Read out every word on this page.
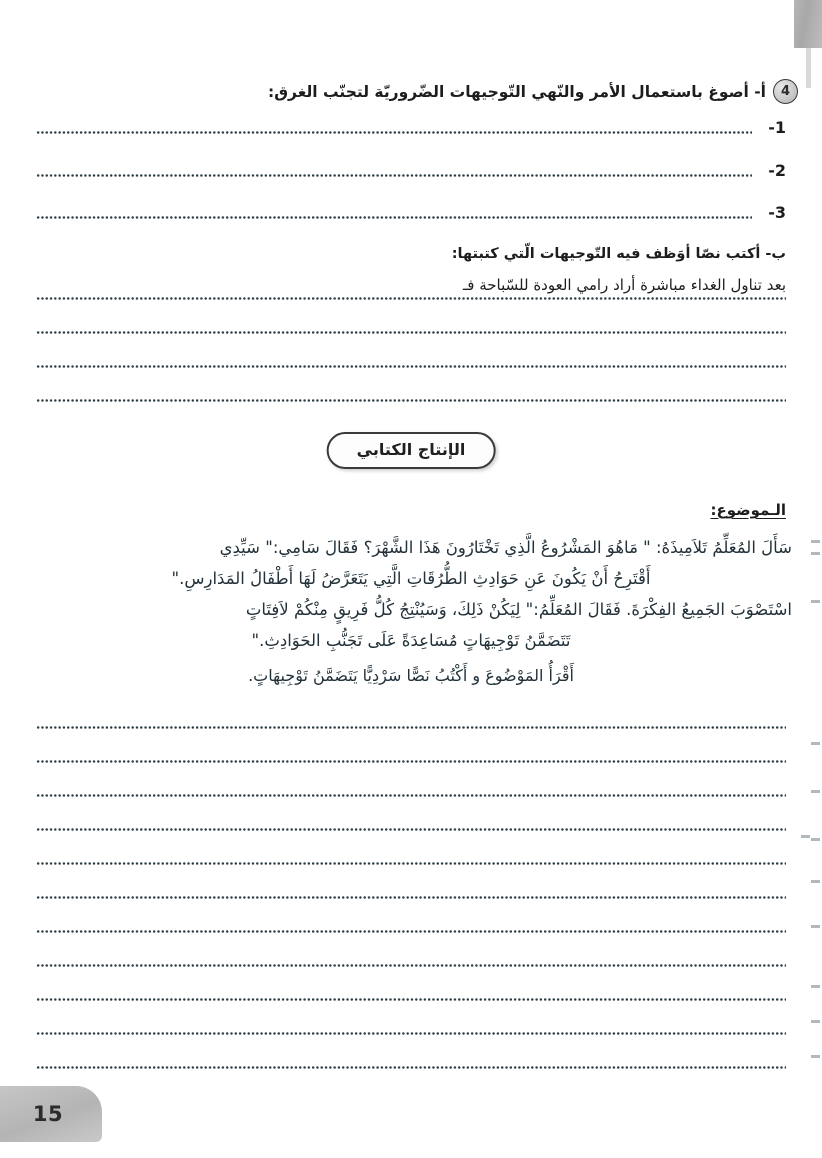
4
أ- أصوغ باستعمال الأمر والنّهي التّوجيهات الضّروريّة لتجنّب الغرق:
1-
2-
3-
ب- أكتب نصّا أوَظف فيه التّوجيهات الّتي كتبتها:
بعد تناول الغداء مباشرة أراد رامي العودة للسّباحة فـ
الإنتاج الكتابي
الـموضوع:
سَأَلَ المُعَلِّمُ تَلاَمِيذَهُ: " مَاهُوَ المَشْرُوعُ الَّذِي تَخْتَارُونَ هَذَا الشَّهْرَ؟ فَقَالَ سَامِي:" سَيِّدِي
أَقْتَرِحُ أَنْ يَكُونَ عَنِ حَوَادِثِ الطُّرُقَاتِ الَّتِي يَتَعَرَّضُ لَهَا أَطْفَالُ المَدَارِسِ."
اسْتَصْوَبَ الجَمِيعُ الفِكْرَةَ. فَقَالَ المُعَلِّمُ:" لِيَكُنْ ذَلِكَ، وَسَيُنْتِجُ كُلُّ فَرِيقٍ مِنْكُمْ لاَفِتَاتٍ
تَتَضَمَّنُ تَوْجِيهَاتٍ مُسَاعِدَةً عَلَى تَجَنُّبِ الحَوَادِثِ."
أَقْرَأُ المَوْضُوعَ و أَكْتُبُ نَصًّا سَرْدِيًّا يَتَضَمَّنُ تَوْجِيهَاتٍ.
15
